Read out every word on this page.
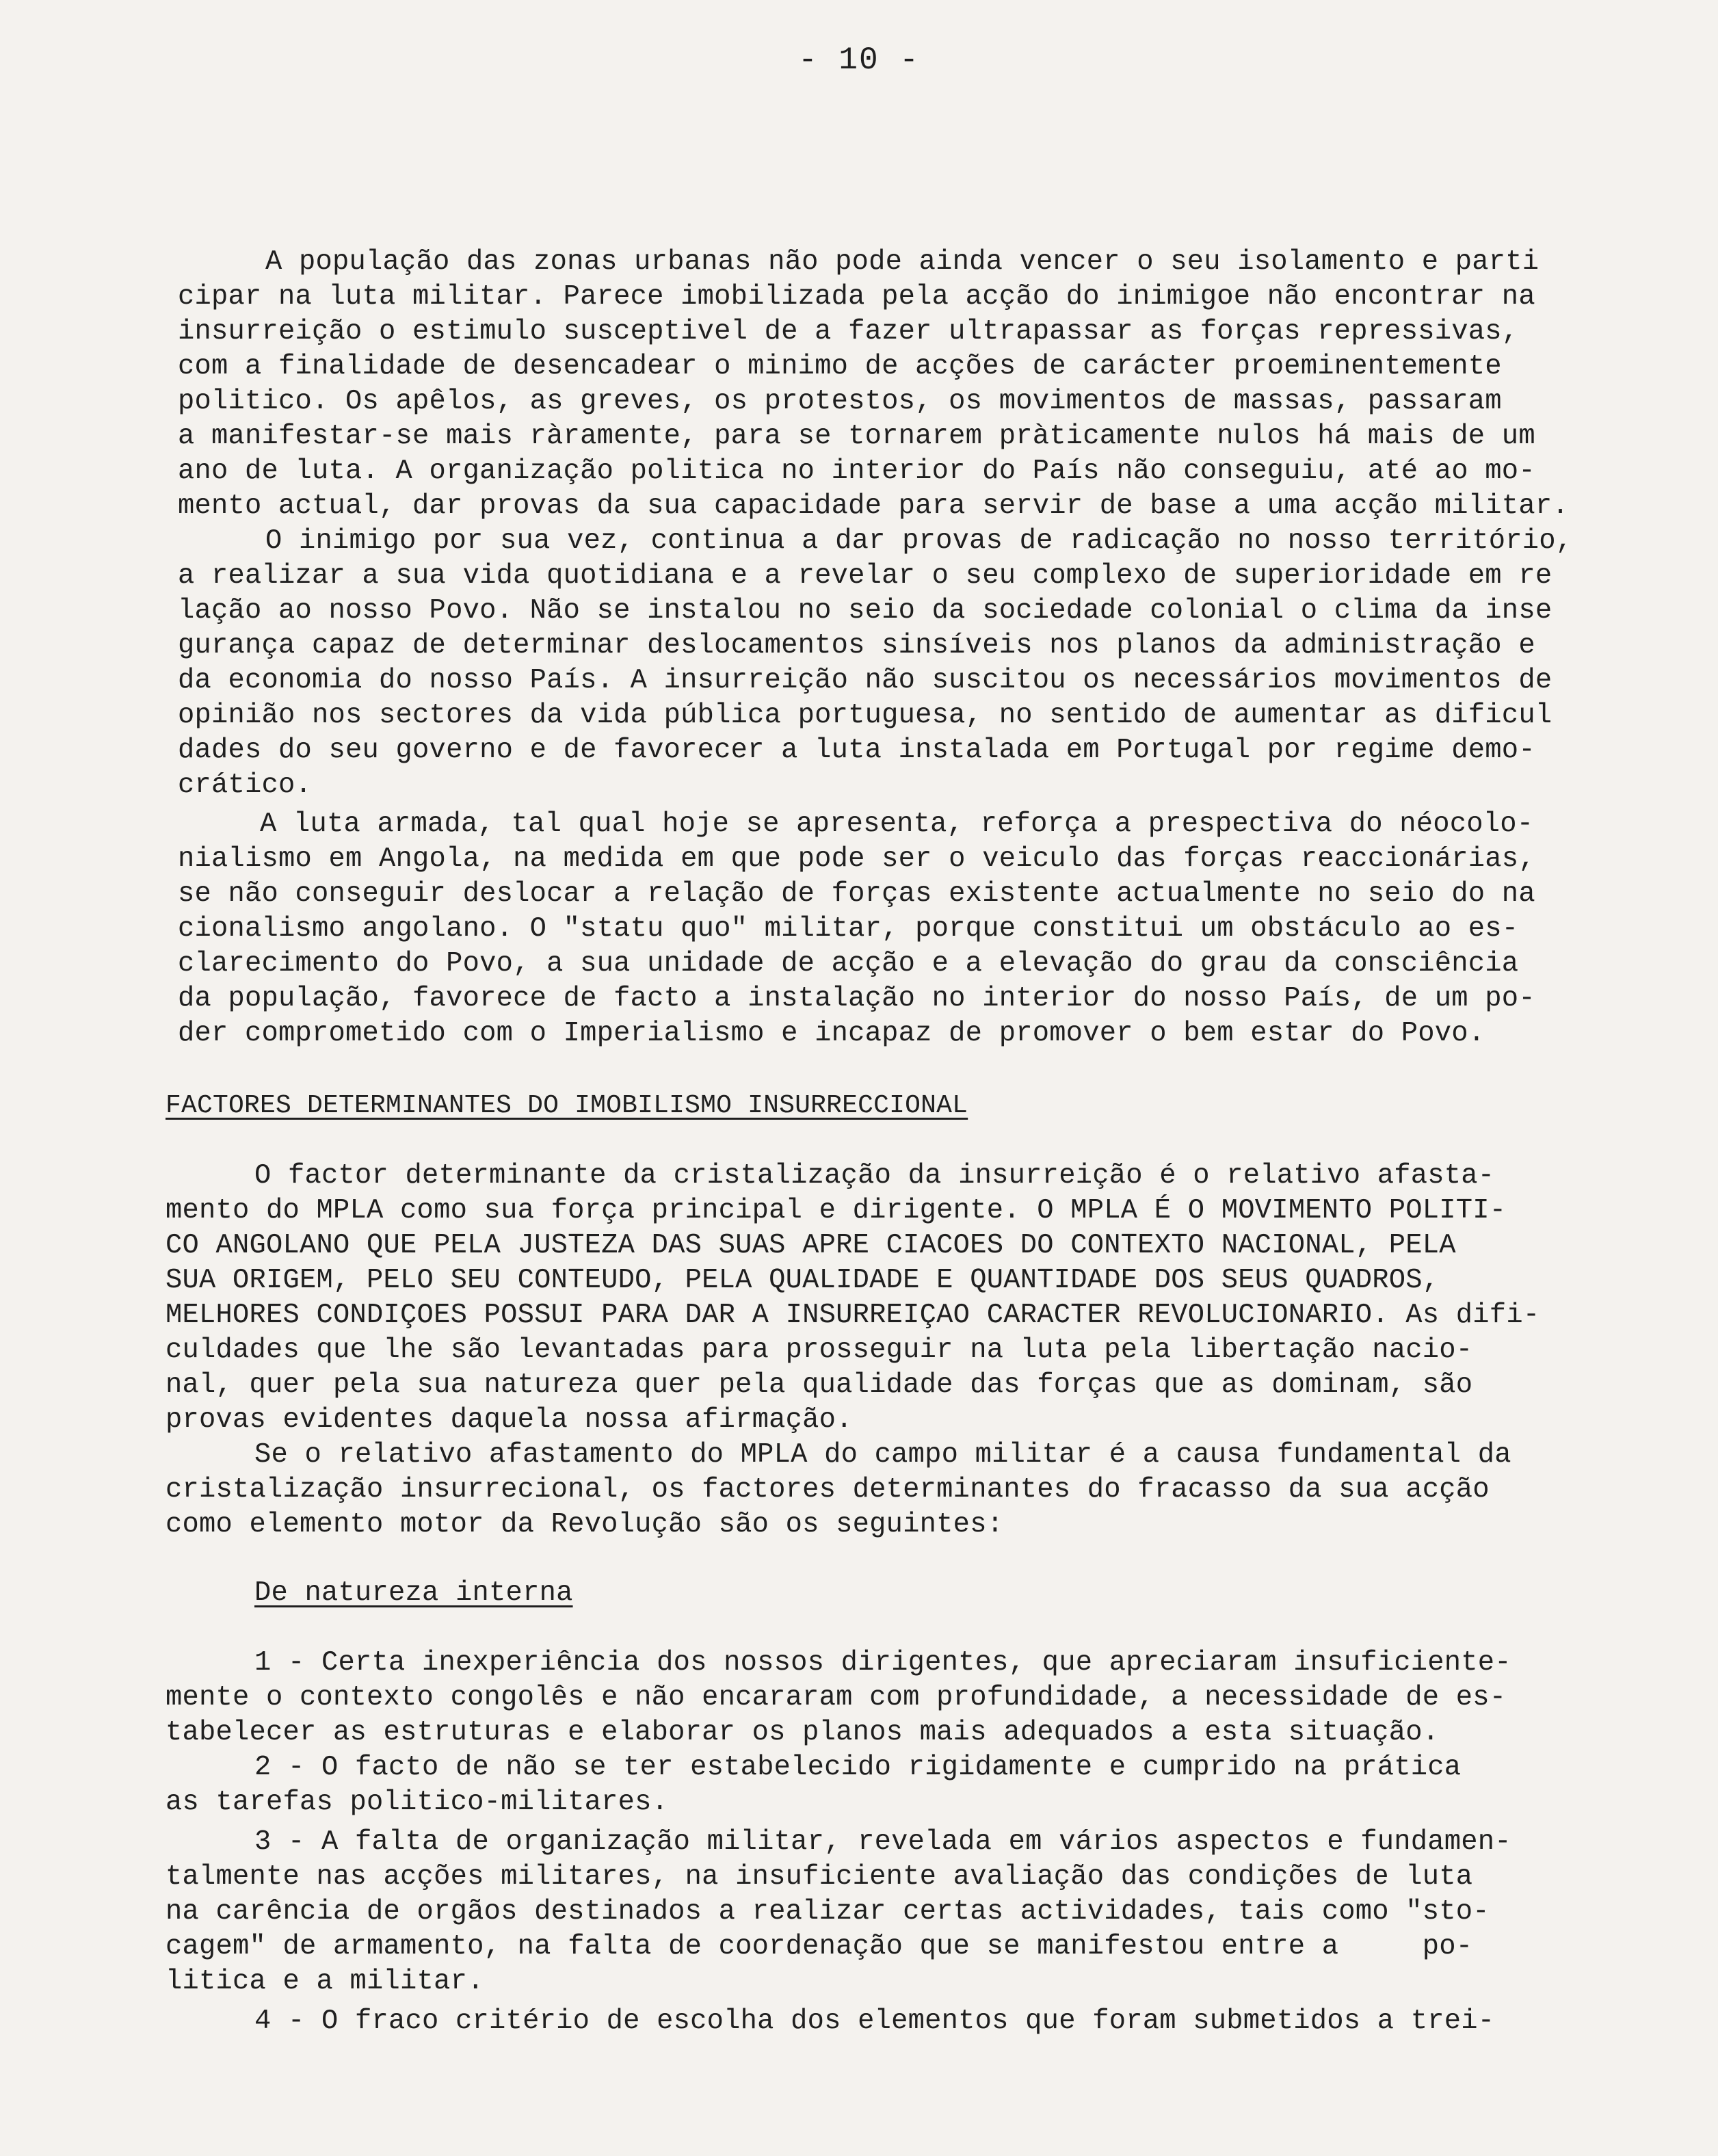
- 10 -
A população das zonas urbanas não pode ainda vencer o seu isolamento e parti
cipar na luta militar. Parece imobilizada pela acção do inimigoe não encontrar na
insurreição o estimulo susceptivel de a fazer ultrapassar as forças repressivas,
com a finalidade de desencadear o minimo de acções de carácter proeminentemente
politico. Os apêlos, as greves, os protestos, os movimentos de massas, passaram
a manifestar-se mais ràramente, para se tornarem pràticamente nulos há mais de um
ano de luta. A organização politica no interior do País não conseguiu, até ao mo-
mento actual, dar provas da sua capacidade para servir de base a uma acção militar.
O inimigo por sua vez, continua a dar provas de radicação no nosso território,
a realizar a sua vida quotidiana e a revelar o seu complexo de superioridade em re
lação ao nosso Povo. Não se instalou no seio da sociedade colonial o clima da inse
gurança capaz de determinar deslocamentos sinsíveis nos planos da administração e
da economia do nosso País. A insurreição não suscitou os necessários movimentos de
opinião nos sectores da vida pública portuguesa, no sentido de aumentar as dificul
dades do seu governo e de favorecer a luta instalada em Portugal por regime demo-
crático.
A luta armada, tal qual hoje se apresenta, reforça a prespectiva do néocolo-
nialismo em Angola, na medida em que pode ser o veiculo das forças reaccionárias,
se não conseguir deslocar a relação de forças existente actualmente no seio do na
cionalismo angolano. O "statu quo" militar, porque constitui um obstáculo ao es-
clarecimento do Povo, a sua unidade de acção e a elevação do grau da consciência
da população, favorece de facto a instalação no interior do nosso País, de um po-
der comprometido com o Imperialismo e incapaz de promover o bem estar do Povo.
FACTORES DETERMINANTES DO IMOBILISMO INSURRECCIONAL
O factor determinante da cristalização da insurreição é o relativo afasta-
mento do MPLA como sua força principal e dirigente. O MPLA É O MOVIMENTO POLITI-
CO ANGOLANO QUE PELA JUSTEZA DAS SUAS APRE CIACOES DO CONTEXTO NACIONAL, PELA
SUA ORIGEM, PELO SEU CONTEUDO, PELA QUALIDADE E QUANTIDADE DOS SEUS QUADROS,
MELHORES CONDIÇOES POSSUI PARA DAR A INSURREIÇAO CARACTER REVOLUCIONARIO. As difi-
culdades que lhe são levantadas para prosseguir na luta pela libertação nacio-
nal, quer pela sua natureza quer pela qualidade das forças que as dominam, são
provas evidentes daquela nossa afirmação.
Se o relativo afastamento do MPLA do campo militar é a causa fundamental da
cristalização insurrecional, os factores determinantes do fracasso da sua acção
como elemento motor da Revolução são os seguintes:
De natureza interna
1 - Certa inexperiência dos nossos dirigentes, que apreciaram insuficiente-
mente o contexto congolês e não encararam com profundidade, a necessidade de es-
tabelecer as estruturas e elaborar os planos mais adequados a esta situação.
2 - O facto de não se ter estabelecido rigidamente e cumprido na prática
as tarefas politico-militares.
3 - A falta de organização militar, revelada em vários aspectos e fundamen-
talmente nas acções militares, na insuficiente avaliação das condições de luta
na carência de orgãos destinados a realizar certas actividades, tais como "sto-
cagem" de armamento, na falta de coordenação que se manifestou entre a     po-
litica e a militar.
4 - O fraco critério de escolha dos elementos que foram submetidos a trei-
